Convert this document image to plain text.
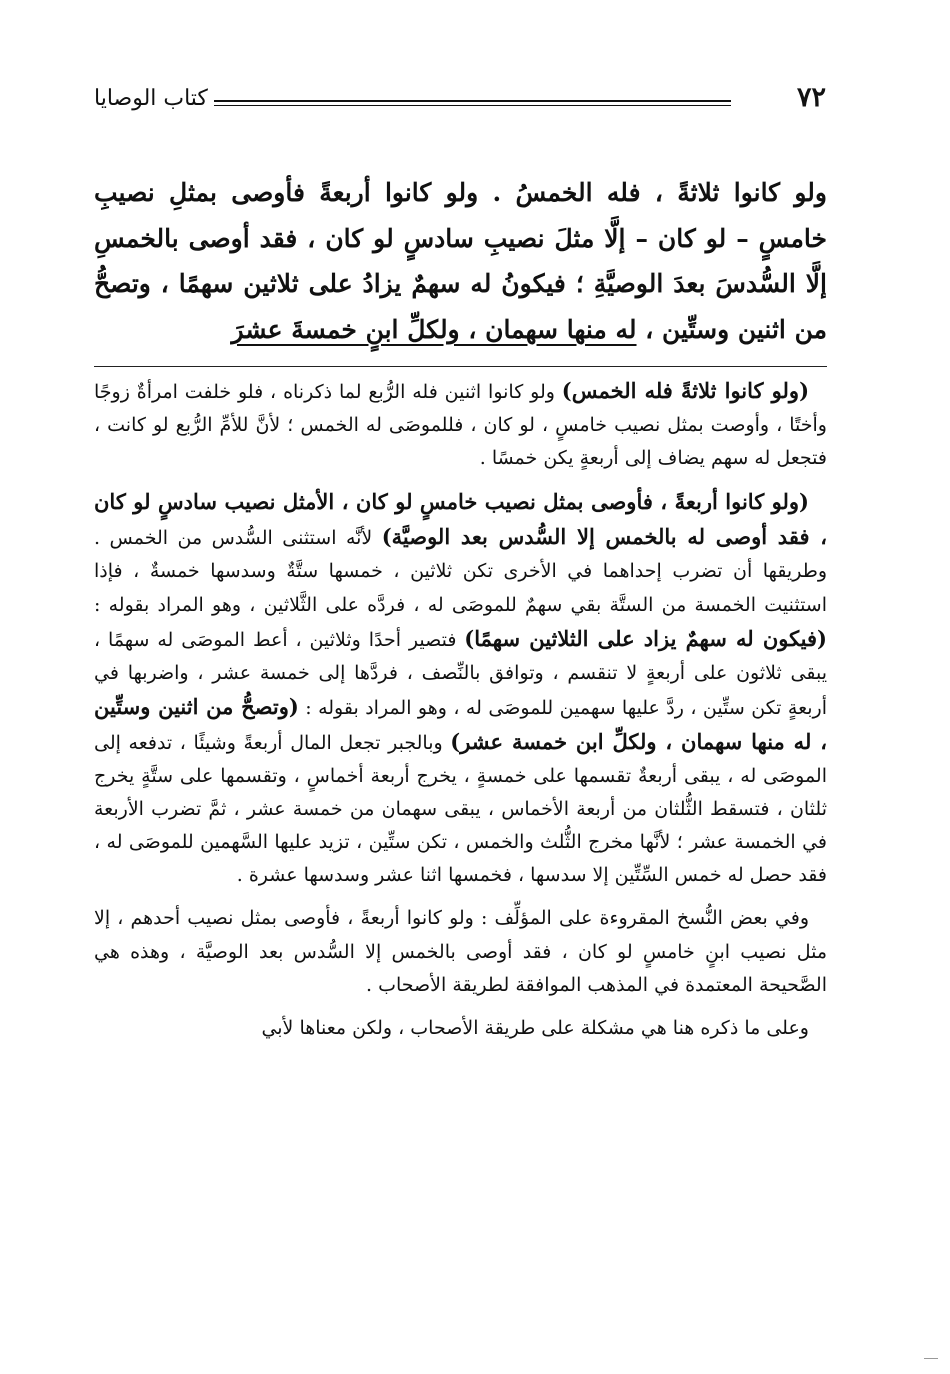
٧٢
كتاب الوصايا
ولو كانوا ثلاثةً ، فله الخمسُ . ولو كانوا أربعةً فأوصى بمثلِ نصيبِ خامسٍ – لو كان – إلَّا مثلَ نصيبِ سادسٍ لو كان ، فقد أوصى بالخمسِ إلَّا السُّدسَ بعدَ الوصيَّةِ ؛ فيكونُ له سهمٌ يزادُ على ثلاثين سهمًا ، وتصحُّ من اثنين وستِّين ، له منها سهمان ، ولكلِّ ابنٍ خمسةَ عشرَ

(ولو كانوا ثلاثةً فله الخمس) ولو كانوا اثنين فله الرُّبع لما ذكرناه ، فلو خلفت امرأةٌ زوجًا وأختًا ، وأوصت بمثل نصيب خامسٍ ، لو كان ، فللموصَى له الخمس ؛ لأنَّ للأمِّ الرُّبع لو كانت ، فتجعل له سهم يضاف إلى أربعةٍ يكن خمسًا .

(ولو كانوا أربعةً ، فأوصى بمثل نصيب خامسٍ لو كان ، الأمثل نصيب سادسٍ لو كان ، فقد أوصى له بالخمس إلا السُّدس بعد الوصيَّة) لأنَّه استثنى السُّدس من الخمس . وطريقها أن تضرب إحداهما في الأخرى تكن ثلاثين ، خمسها ستَّةٌ وسدسها خمسةٌ ، فإذا استثنيت الخمسة من الستَّة بقي سهمٌ للموصَى له ، فردَّه على الثَّلاثين ، وهو المراد بقوله : (فيكون له سهمٌ يزاد على الثلاثين سهمًا) فتصير أحدًا وثلاثين ، أعط الموصَى له سهمًا ، يبقى ثلاثون على أربعةٍ لا تنقسم ، وتوافق بالنِّصف ، فردَّها إلى خمسة عشر ، واضربها في أربعةٍ تكن ستِّين ، ردَّ عليها سهمين للموصَى له ، وهو المراد بقوله : (وتصحُّ من اثنين وستِّين ، له منها سهمان ، ولكلِّ ابن خمسة عشر) وبالجبر تجعل المال أربعةً وشيئًا ، تدفعه إلى الموصَى له ، يبقى أربعةٌ تقسمها على خمسةٍ ، يخرج أربعة أخماسٍ ، وتقسمها على ستَّةٍ يخرج ثلثان ، فتسقط الثُّلثان من أربعة الأخماس ، يبقى سهمان من خمسة عشر ، ثمَّ تضرب الأربعة في الخمسة عشر ؛ لأنَّها مخرج الثُّلث والخمس ، تكن ستِّين ، تزيد عليها السَّهمين للموصَى له ، فقد حصل له خمس السِّتِّين إلا سدسها ، فخمسها اثنا عشر وسدسها عشرة .

وفي بعض النُّسخ المقروءة على المؤلِّف : ولو كانوا أربعةً ، فأوصى بمثل نصيب أحدهم ، إلا مثل نصيب ابنٍ خامسٍ لو كان ، فقد أوصى بالخمس إلا السُّدس بعد الوصيَّة ، وهذه هي الصَّحيحة المعتمدة في المذهب الموافقة لطريقة الأصحاب .

وعلى ما ذكره هنا هي مشكلة على طريقة الأصحاب ، ولكن معناها لأبي
